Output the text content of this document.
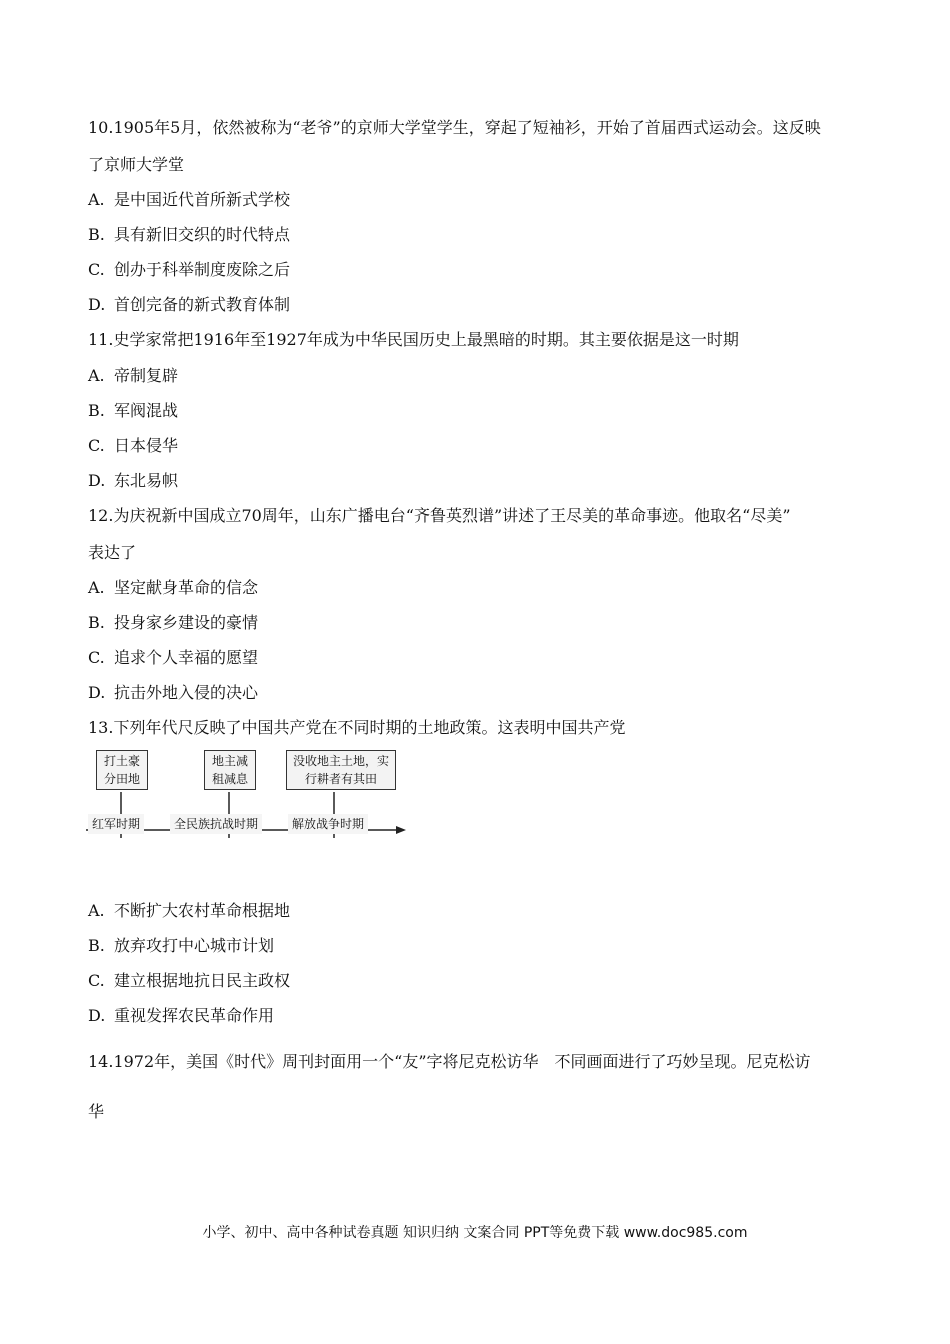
10.1905年5月，依然被称为“老爷”的京师大学堂学生，穿起了短袖衫，开始了首届西式运动会。这反映
了京师大学堂
A. 是中国近代首所新式学校
B. 具有新旧交织的时代特点
C. 创办于科举制度废除之后
D. 首创完备的新式教育体制
11.史学家常把1916年至1927年成为中华民国历史上最黑暗的时期。其主要依据是这一时期
A. 帝制复辟
B. 军阀混战
C. 日本侵华
D. 东北易帜
12.为庆祝新中国成立70周年，山东广播电台“齐鲁英烈谱”讲述了王尽美的革命事迹。他取名“尽美”
表达了
A. 坚定献身革命的信念
B. 投身家乡建设的豪情
C. 追求个人幸福的愿望
D. 抗击外地入侵的决心
13.下列年代尺反映了中国共产党在不同时期的土地政策。这表明中国共产党
打土豪分田地
地主减租减息
没收地主土地，实行耕者有其田
红军时期	全民族抗战时期	解放战争时期
A. 不断扩大农村革命根据地
B. 放弃攻打中心城市计划
C. 建立根据地抗日民主政权
D. 重视发挥农民革命作用
14.1972年，美国《时代》周刊封面用一个“友”字将尼克松访华　不同画面进行了巧妙呈现。尼克松访
华
小学、初中、高中各种试卷真题 知识归纳 文案合同 PPT等免费下载 www.doc985.com
